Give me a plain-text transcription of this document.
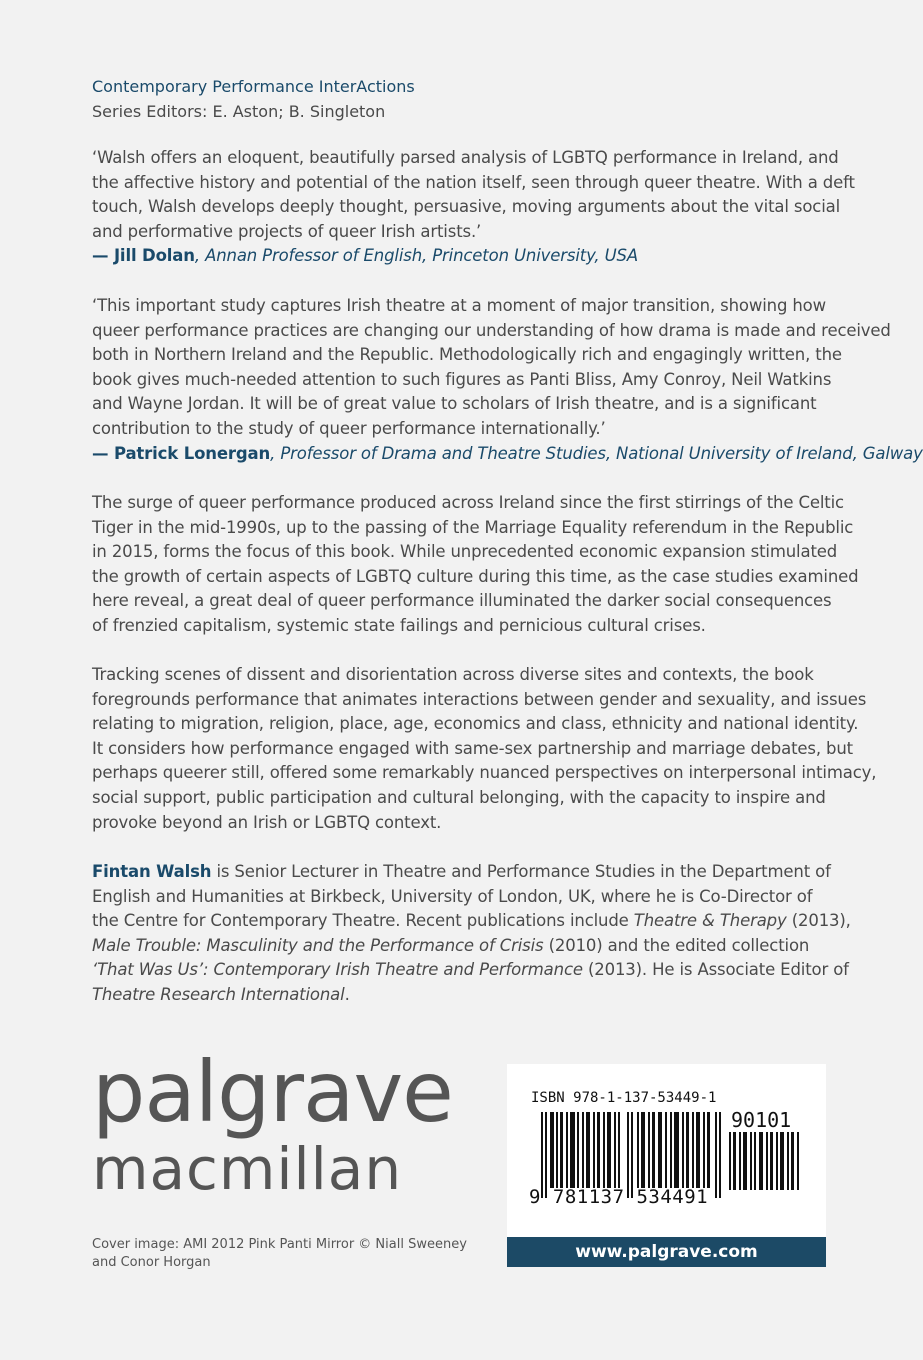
Contemporary Performance InterActions
Series Editors: E. Aston; B. Singleton
‘Walsh offers an eloquent, beautifully parsed analysis of LGBTQ performance in Ireland, and
the affective history and potential of the nation itself, seen through queer theatre. With a deft
touch, Walsh develops deeply thought, persuasive, moving arguments about the vital social
and performative projects of queer Irish artists.’
— Jill Dolan, Annan Professor of English, Princeton University, USA
‘This important study captures Irish theatre at a moment of major transition, showing how
queer performance practices are changing our understanding of how drama is made and received
both in Northern Ireland and the Republic. Methodologically rich and engagingly written, the
book gives much-needed attention to such figures as Panti Bliss, Amy Conroy, Neil Watkins
and Wayne Jordan. It will be of great value to scholars of Irish theatre, and is a significant
contribution to the study of queer performance internationally.’
— Patrick Lonergan, Professor of Drama and Theatre Studies, National University of Ireland, Galway
The surge of queer performance produced across Ireland since the first stirrings of the Celtic
Tiger in the mid-1990s, up to the passing of the Marriage Equality referendum in the Republic
in 2015, forms the focus of this book. While unprecedented economic expansion stimulated
the growth of certain aspects of LGBTQ culture during this time, as the case studies examined
here reveal, a great deal of queer performance illuminated the darker social consequences
of frenzied capitalism, systemic state failings and pernicious cultural crises.
Tracking scenes of dissent and disorientation across diverse sites and contexts, the book
foregrounds performance that animates interactions between gender and sexuality, and issues
relating to migration, religion, place, age, economics and class, ethnicity and national identity.
It considers how performance engaged with same-sex partnership and marriage debates, but
perhaps queerer still, offered some remarkably nuanced perspectives on interpersonal intimacy,
social support, public participation and cultural belonging, with the capacity to inspire and
provoke beyond an Irish or LGBTQ context.
Fintan Walsh is Senior Lecturer in Theatre and Performance Studies in the Department of
English and Humanities at Birkbeck, University of London, UK, where he is Co-Director of
the Centre for Contemporary Theatre. Recent publications include Theatre & Therapy (2013),
Male Trouble: Masculinity and the Performance of Crisis (2010) and the edited collection
‘That Was Us’: Contemporary Irish Theatre and Performance (2013). He is Associate Editor of
Theatre Research International.
palgrave
macmillan
Cover image: AMI 2012 Pink Panti Mirror © Niall Sweeney and Conor Horgan
ISBN 978-1-137-53449-1
90101
9 781137 534491
www.palgrave.com
